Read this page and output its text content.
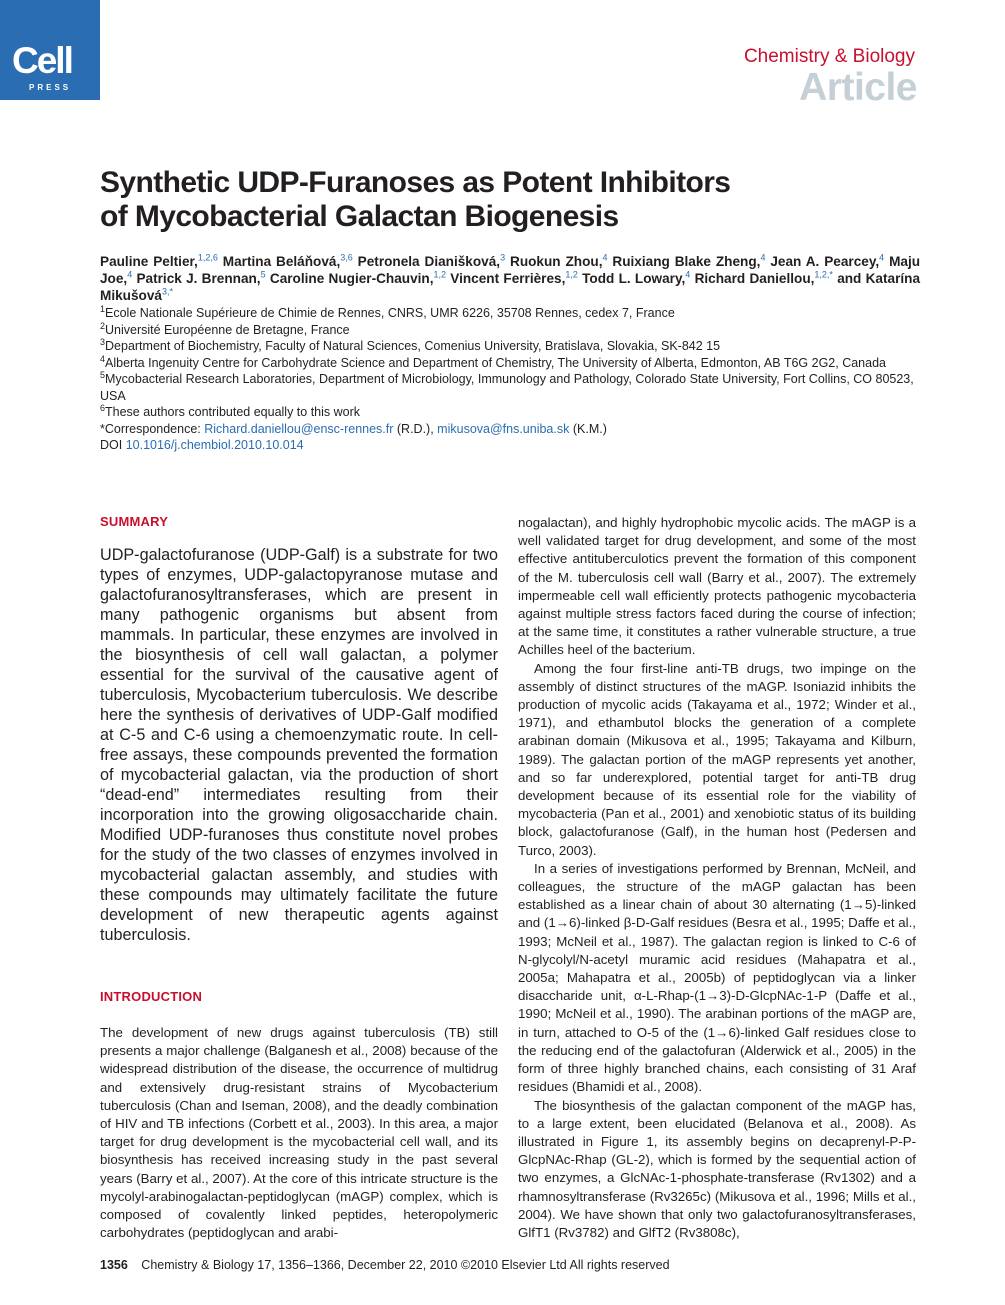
Cell
PRESS
Chemistry & Biology
Article
Synthetic UDP-Furanoses as Potent Inhibitors
of Mycobacterial Galactan Biogenesis
Pauline Peltier,$^{1,2,6}$ Martina Beláňová,$^{3,6}$ Petronela Dianišková,$^3$ Ruokun Zhou,$^4$ Ruixiang Blake Zheng,$^4$ Jean A. Pearcey,$^4$ Maju Joe,$^4$ Patrick J. Brennan,$^5$ Caroline Nugier-Chauvin,$^{1,2}$ Vincent Ferrières,$^{1,2}$ Todd L. Lowary,$^4$ Richard Daniellou,$^{1,2,*}$ and Katarína Mikušová$^{3,*}$
$^1$Ecole Nationale Supérieure de Chimie de Rennes, CNRS, UMR 6226, 35708 Rennes, cedex 7, France
$^2$Université Européenne de Bretagne, France
$^3$Department of Biochemistry, Faculty of Natural Sciences, Comenius University, Bratislava, Slovakia, SK-842 15
$^4$Alberta Ingenuity Centre for Carbohydrate Science and Department of Chemistry, The University of Alberta, Edmonton, AB T6G 2G2, Canada
$^5$Mycobacterial Research Laboratories, Department of Microbiology, Immunology and Pathology, Colorado State University, Fort Collins, CO 80523, USA
$^6$These authors contributed equally to this work
*Correspondence: Richard.daniellou@ensc-rennes.fr (R.D.), mikusova@fns.uniba.sk (K.M.)
DOI 10.1016/j.chembiol.2010.10.014
SUMMARY
UDP-galactofuranose (UDP-Galf) is a substrate for two types of enzymes, UDP-galactopyranose mutase and galactofuranosyltransferases, which are present in many pathogenic organisms but absent from mammals. In particular, these enzymes are involved in the biosynthesis of cell wall galactan, a polymer essential for the survival of the causative agent of tuberculosis, Mycobacterium tuberculosis. We describe here the synthesis of derivatives of UDP-Galf modified at C-5 and C-6 using a chemoenzymatic route. In cell-free assays, these compounds prevented the formation of mycobacterial galactan, via the production of short “dead-end” intermediates resulting from their incorporation into the growing oligosaccharide chain. Modified UDP-furanoses thus constitute novel probes for the study of the two classes of enzymes involved in mycobacterial galactan assembly, and studies with these compounds may ultimately facilitate the future development of new therapeutic agents against tuberculosis.
INTRODUCTION

The development of new drugs against tuberculosis (TB) still presents a major challenge (Balganesh et al., 2008) because of the widespread distribution of the disease, the occurrence of multidrug and extensively drug-resistant strains of Mycobacterium tuberculosis (Chan and Iseman, 2008), and the deadly combination of HIV and TB infections (Corbett et al., 2003). In this area, a major target for drug development is the mycobacterial cell wall, and its biosynthesis has received increasing study in the past several years (Barry et al., 2007). At the core of this intricate structure is the mycolyl-arabinogalactan-peptidoglycan (mAGP) complex, which is composed of covalently linked peptides, heteropolymeric carbohydrates (peptidoglycan and arabi-

nogalactan), and highly hydrophobic mycolic acids. The mAGP is a well validated target for drug development, and some of the most effective antituberculotics prevent the formation of this component of the M. tuberculosis cell wall (Barry et al., 2007). The extremely impermeable cell wall efficiently protects pathogenic mycobacteria against multiple stress factors faced during the course of infection; at the same time, it constitutes a rather vulnerable structure, a true Achilles heel of the bacterium.

Among the four first-line anti-TB drugs, two impinge on the assembly of distinct structures of the mAGP. Isoniazid inhibits the production of mycolic acids (Takayama et al., 1972; Winder et al., 1971), and ethambutol blocks the generation of a complete arabinan domain (Mikusova et al., 1995; Takayama and Kilburn, 1989). The galactan portion of the mAGP represents yet another, and so far underexplored, potential target for anti-TB drug development because of its essential role for the viability of mycobacteria (Pan et al., 2001) and xenobiotic status of its building block, galactofuranose (Galf), in the human host (Pedersen and Turco, 2003).

In a series of investigations performed by Brennan, McNeil, and colleagues, the structure of the mAGP galactan has been established as a linear chain of about 30 alternating (1→5)-linked and (1→6)-linked β-D-Galf residues (Besra et al., 1995; Daffe et al., 1993; McNeil et al., 1987). The galactan region is linked to C-6 of N-glycolyl/N-acetyl muramic acid residues (Mahapatra et al., 2005a; Mahapatra et al., 2005b) of peptidoglycan via a linker disaccharide unit, α-L-Rhap-(1→3)-D-GlcpNAc-1-P (Daffe et al., 1990; McNeil et al., 1990). The arabinan portions of the mAGP are, in turn, attached to O-5 of the (1→6)-linked Galf residues close to the reducing end of the galactofuran (Alderwick et al., 2005) in the form of three highly branched chains, each consisting of 31 Araf residues (Bhamidi et al., 2008).

The biosynthesis of the galactan component of the mAGP has, to a large extent, been elucidated (Belanova et al., 2008). As illustrated in Figure 1, its assembly begins on decaprenyl-P-P-GlcpNAc-Rhap (GL-2), which is formed by the sequential action of two enzymes, a GlcNAc-1-phosphate-transferase (Rv1302) and a rhamnosyltransferase (Rv3265c) (Mikusova et al., 1996; Mills et al., 2004). We have shown that only two galactofuranosyltransferases, GlfT1 (Rv3782) and GlfT2 (Rv3808c),

1356 Chemistry & Biology 17, 1356–1366, December 22, 2010 ©2010 Elsevier Ltd All rights reserved
